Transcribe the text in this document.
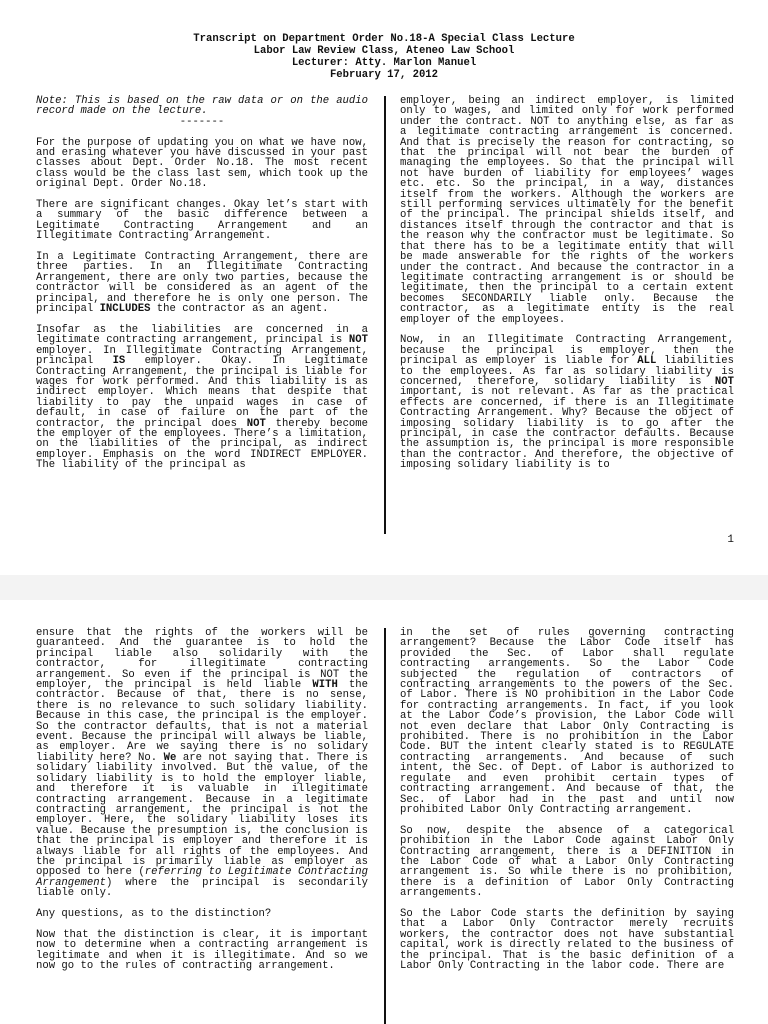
Transcript on Department Order No.18-A Special Class Lecture
Labor Law Review Class, Ateneo Law School
Lecturer: Atty. Marlon Manuel
February 17, 2012

Note: This is based on the raw data or on the audio record made on the lecture.

-------

For the purpose of updating you on what we have now, and erasing whatever you have discussed in your past classes about Dept. Order No.18. The most recent class would be the class last sem, which took up the original Dept. Order No.18.

There are significant changes. Okay let’s start with a summary of the basic difference between a Legitimate Contracting Arrangement and an Illegitimate Contracting Arrangement.

In a Legitimate Contracting Arrangement, there are three parties. In an Illegitimate Contracting Arrangement, there are only two parties, because the contractor will be considered as an agent of the principal, and therefore he is only one person. The principal INCLUDES the contractor as an agent.

Insofar as the liabilities are concerned in a legitimate contracting arrangement, principal is NOT employer. In Illegitimate Contracting Arrangement, principal IS employer. Okay. In Legitimate Contracting Arrangement, the principal is liable for wages for work performed. And this liability is as indirect employer. Which means that despite that liability to pay the unpaid wages in case of default, in case of failure on the part of the contractor, the principal does NOT thereby become the employer of the employees. There’s a limitation, on the liabilities of the principal, as indirect employer. Emphasis on the word INDIRECT EMPLOYER. The liability of the principal as

employer, being an indirect employer, is limited only to wages, and limited only for work performed under the contract. NOT to anything else, as far as a legitimate contracting arrangement is concerned. And that is precisely the reason for contracting, so that the principal will not bear the burden of managing the employees. So that the principal will not have burden of liability for employees’ wages etc. etc. So the principal, in a way, distances itself from the workers. Although the workers are still performing services ultimately for the benefit of the principal. The principal shields itself, and distances itself through the contractor and that is the reason why the contractor must be legitimate. So that there has to be a legitimate entity that will be made answerable for the rights of the workers under the contract. And because the contractor in a legitimate contracting arrangement is or should be legitimate, then the principal to a certain extent becomes SECONDARILY liable only. Because the contractor, as a legitimate entity is the real employer of the employees.

Now, in an Illegitimate Contracting Arrangement, because the principal is employer, then the principal as employer is liable for ALL liabilities to the employees. As far as solidary liability is concerned, therefore, solidary liability is NOT important, is not relevant. As far as the practical effects are concerned, if there is an Illegitimate Contracting Arrangement. Why? Because the object of imposing solidary liability is to go after the principal, in case the contractor defaults. Because the assumption is, the principal is more responsible than the contractor. And therefore, the objective of imposing solidary liability is to

1

ensure that the rights of the workers will be guaranteed. And the guarantee is to hold the principal liable also solidarily with the contractor, for illegitimate contracting arrangement. So even if the principal is NOT the employer, the principal is held liable WITH the contractor. Because of that, there is no sense, there is no relevance to such solidary liability. Because in this case, the principal is the employer. So the contractor defaults, that is not a material event. Because the principal will always be liable, as employer. Are we saying there is no solidary liability here? No. We are not saying that. There is solidary liability involved. But the value, of the solidary liability is to hold the employer liable, and therefore it is valuable in illegitimate contracting arrangement. Because in a legitimate contracting arrangement, the principal is not the employer. Here, the solidary liability loses its value. Because the presumption is, the conclusion is that the principal is employer and therefore it is always liable for all rights of the employees. And the principal is primarily liable as employer as opposed to here (referring to Legitimate Contracting Arrangement) where the principal is secondarily liable only.

Any questions, as to the distinction?

Now that the distinction is clear, it is important now to determine when a contracting arrangement is legitimate and when it is illegitimate. And so we now go to the rules of contracting arrangement.

in the set of rules governing contracting arrangement? Because the Labor Code itself has provided the Sec. of Labor shall regulate contracting arrangements. So the Labor Code subjected the regulation of contractors of contracting arrangements to the powers of the Sec. of Labor. There is NO prohibition in the Labor Code for contracting arrangements. In fact, if you look at the Labor Code’s provision, the Labor Code will not even declare that Labor Only Contracting is prohibited. There is no prohibition in the Labor Code. BUT the intent clearly stated is to REGULATE contracting arrangements. And because of such intent, the Sec. of Dept. of Labor is authorized to regulate and even prohibit certain types of contracting arrangement. And because of that, the Sec. of Labor had in the past and until now prohibited Labor Only Contracting arrangement.

So now, despite the absence of a categorical prohibition in the Labor Code against Labor Only Contracting arrangement, there is a DEFINITION in the Labor Code of what a Labor Only Contracting arrangement is. So while there is no prohibition, there is a definition of Labor Only Contracting arrangements.

So the Labor Code starts the definition by saying that a Labor Only Contractor merely recruits workers, the contractor does not have substantial capital, work is directly related to the business of the principal. That is the basic definition of a Labor Only Contracting in the labor code. There are
